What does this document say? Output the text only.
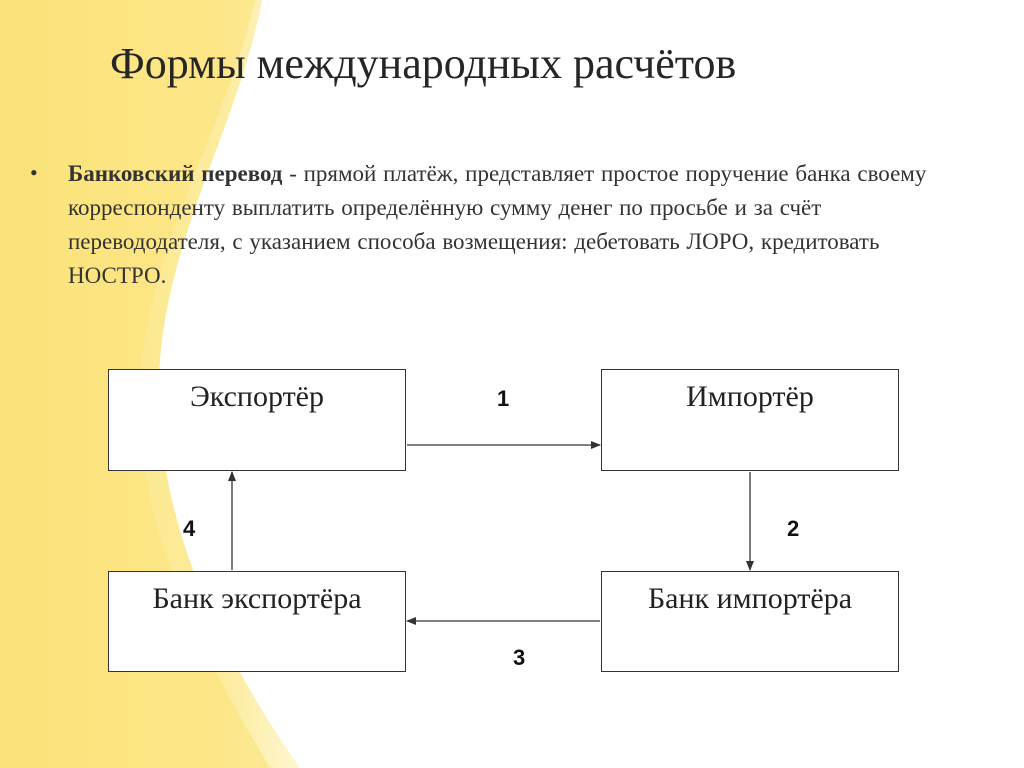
Формы международных расчётов
• Банковский перевод - прямой платёж, представляет простое поручение банка своему корреспонденту выплатить определённую сумму денег по просьбе и за счёт перевододателя, с указанием способа возмещения: дебетовать ЛОРО, кредитовать НОСТРО.
Экспортёр	Импортёр
Банк экспортёра	Банк импортёра
1
2
3
4
